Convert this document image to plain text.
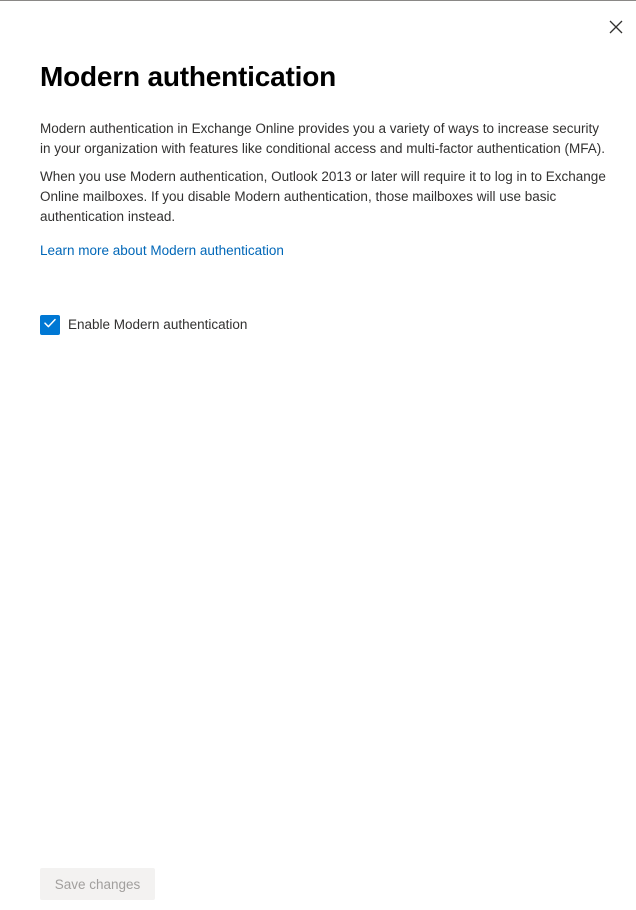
Modern authentication

Modern authentication in Exchange Online provides you a variety of ways to increase security in your organization with features like conditional access and multi-factor authentication (MFA).

When you use Modern authentication, Outlook 2013 or later will require it to log in to Exchange Online mailboxes. If you disable Modern authentication, those mailboxes will use basic authentication instead.

Learn more about Modern authentication
Enable Modern authentication
Save changes
